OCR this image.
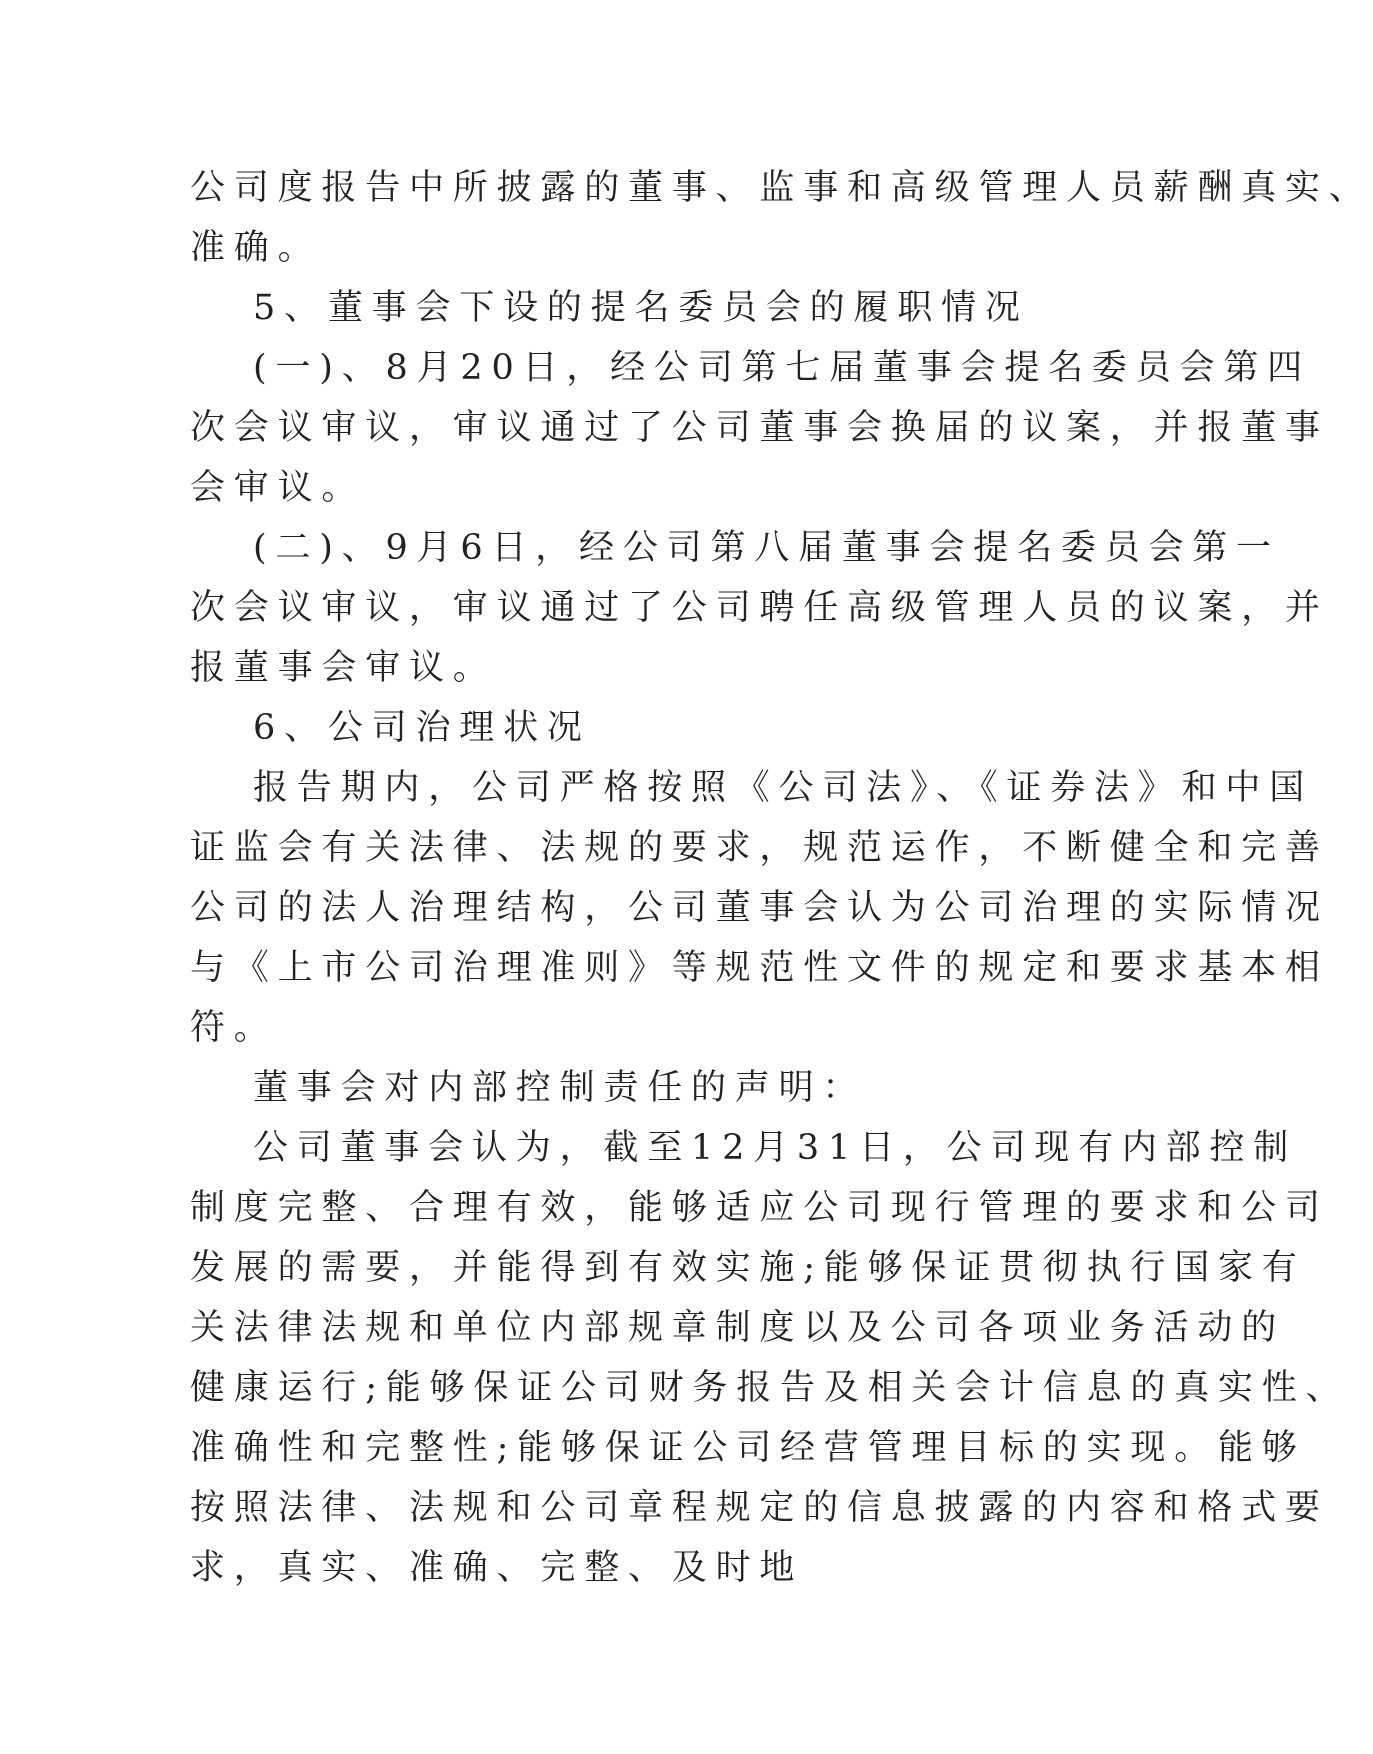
公司度报告中所披露的董事、监事和高级管理人员薪酬真实、
准确。
5、董事会下设的提名委员会的履职情况
(一)、8月20日，经公司第七届董事会提名委员会第四
次会议审议，审议通过了公司董事会换届的议案，并报董事
会审议。
(二)、9月6日，经公司第八届董事会提名委员会第一
次会议审议，审议通过了公司聘任高级管理人员的议案，并
报董事会审议。
6、公司治理状况
报告期内，公司严格按照《公司法》、《证券法》和中国
证监会有关法律、法规的要求，规范运作，不断健全和完善
公司的法人治理结构，公司董事会认为公司治理的实际情况
与《上市公司治理准则》等规范性文件的规定和要求基本相
符。
董事会对内部控制责任的声明：
公司董事会认为，截至12月31日，公司现有内部控制
制度完整、合理有效，能够适应公司现行管理的要求和公司
发展的需要，并能得到有效实施;能够保证贯彻执行国家有
关法律法规和单位内部规章制度以及公司各项业务活动的
健康运行;能够保证公司财务报告及相关会计信息的真实性、
准确性和完整性;能够保证公司经营管理目标的实现。能够
按照法律、法规和公司章程规定的信息披露的内容和格式要
求，真实、准确、完整、及时地
